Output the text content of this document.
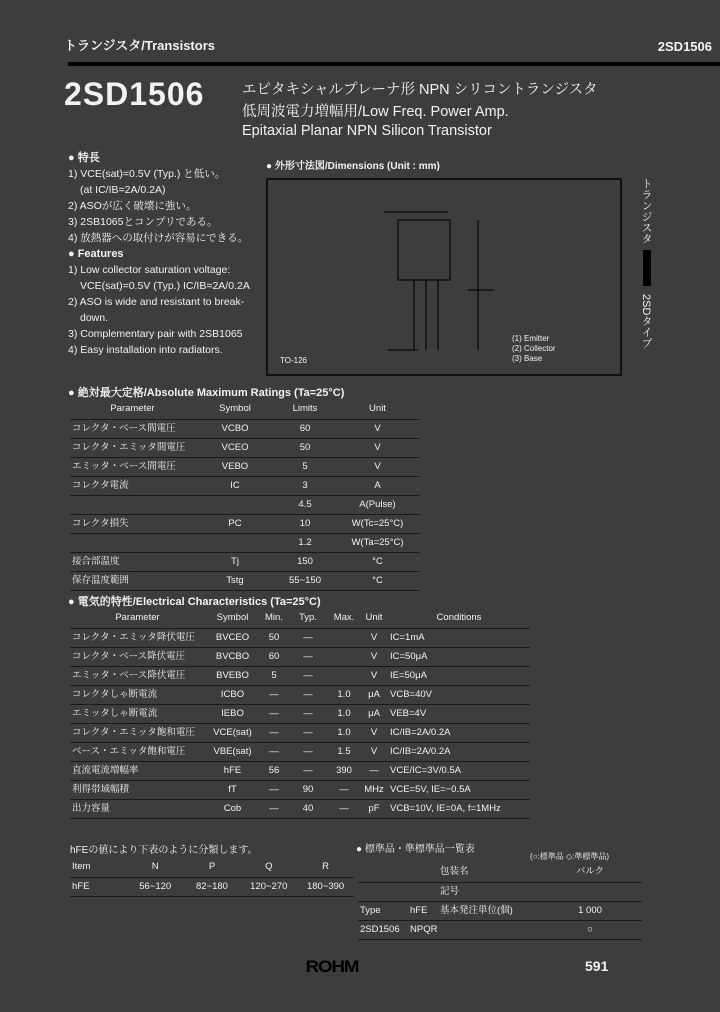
トランジスタ/Transistors	2SD1506
2SD1506	エピタキシャルプレーナ形 NPN シリコントランジスタ
低周波電力増幅用/Low Freq. Power Amp.
Epitaxial Planar NPN Silicon Transistor
● 特長
1) VCE(sat)=0.5V (Typ.) と低い。
(at IC/IB=2A/0.2A)
2) ASOが広く破壊に強い。
3) 2SB1065とコンプリである。
4) 放熱器への取付けが容易にできる。
● Features
1) Low collector saturation voltage:
VCE(sat)=0.5V (Typ.) IC/IB=2A/0.2A
2) ASO is wide and resistant to break-
down.
3) Complementary pair with 2SB1065
4) Easy installation into radiators.
● 外形寸法図/Dimensions (Unit : mm)
TO-126
(1) Emitter
(2) Collector
(3) Base
トランジスタ
2SDタイプ
● 絶対最大定格/Absolute Maximum Ratings (Ta=25°C)
Parameter	Symbol	Limits	Unit
コレクタ・ベース間電圧	VCBO	60	V
コレクタ・エミッタ間電圧	VCEO	50	V
エミッタ・ベース間電圧	VEBO	5	V
コレクタ電流	IC	3	A
		4.5	A(Pulse)
コレクタ損失	PC	10	W(Tc=25°C)
		1.2	W(Ta=25°C)
接合部温度	Tj	150	°C
保存温度範囲	Tstg	55~150	°C
● 電気的特性/Electrical Characteristics (Ta=25°C)
Parameter	Symbol	Min.	Typ.	Max.	Unit	Conditions
コレクタ・エミッタ降伏電圧	BVCEO	50	—		V	IC=1mA
コレクタ・ベース降伏電圧	BVCBO	60	—		V	IC=50μA
エミッタ・ベース降伏電圧	BVEBO	5	—		V	IE=50μA
コレクタしゃ断電流	ICBO	—	—	1.0	μA	VCB=40V
エミッタしゃ断電流	IEBO	—	—	1.0	μA	VEB=4V
コレクタ・エミッタ飽和電圧	VCE(sat)	—	—	1.0	V	IC/IB=2A/0.2A
ベース・エミッタ飽和電圧	VBE(sat)	—	—	1.5	V	IC/IB=2A/0.2A
直流電流増幅率	hFE	56	—	390	—	VCE/IC=3V/0.5A
利得帯域幅積	fT	—	90	—	MHz	VCE=5V, IE=−0.5A
出力容量	Cob	—	40	—	pF	VCB=10V, IE=0A, f=1MHz
hFEの値により下表のように分類します。
Item	N	P	Q	R
hFE	56~120	82~180	120~270	180~390
● 標準品・準標準品一覧表
(○:標準品 ◇:準標準品)
		包装名	バルク
		記号	
Type	hFE	基本発注単位(個)	1 000
2SD1506	NPQR		○
ROHM	591
